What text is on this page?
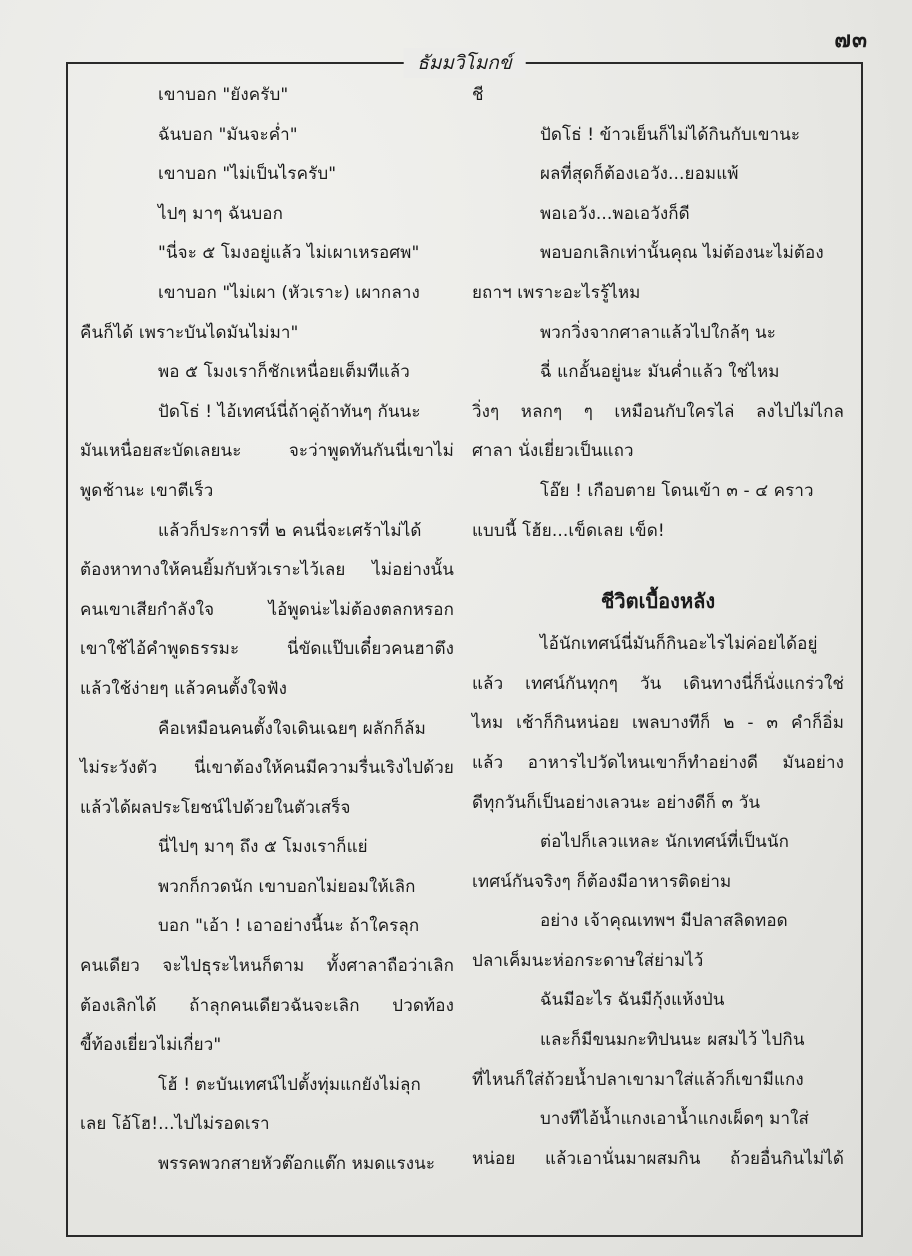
๗๓
ธัมมวิโมกข์
เขาบอก "ยังครับ"
ฉันบอก "มันจะค่ำ"
เขาบอก "ไม่เป็นไรครับ"
ไปๆ มาๆ ฉันบอก
"นี่จะ ๕ โมงอยู่แล้ว ไม่เผาเหรอศพ"
เขาบอก "ไม่เผา (หัวเราะ) เผากลาง
คืนก็ได้ เพราะบันไดมันไม่มา"
พอ ๕ โมงเราก็ชักเหนื่อยเต็มทีแล้ว
ปัดโธ่ ! ไอ้เทศน์นี่ถ้าคู่ถ้าทันๆ กันนะ
มันเหนื่อยสะบัดเลยนะ จะว่าพูดทันกันนี่เขาไม่
พูดช้านะ เขาตีเร็ว
แล้วก็ประการที่ ๒ คนนี่จะเศร้าไม่ได้
ต้องหาทางให้คนยิ้มกับหัวเราะไว้เลย ไม่อย่างนั้น
คนเขาเสียกำลังใจ ไอ้พูดน่ะไม่ต้องตลกหรอก
เขาใช้ไอ้คำพูดธรรมะ นี่ขัดแป๊บเดี๋ยวคนฮาตึง
แล้วใช้ง่ายๆ แล้วคนตั้งใจฟัง
คือเหมือนคนตั้งใจเดินเฉยๆ ผลักก็ล้ม
ไม่ระวังตัว นี่เขาต้องให้คนมีความรื่นเริงไปด้วย
แล้วได้ผลประโยชน์ไปด้วยในตัวเสร็จ
นี่ไปๆ มาๆ ถึง ๕ โมงเราก็แย่
พวกก็กวดนัก เขาบอกไม่ยอมให้เลิก
บอก "เอ้า ! เอาอย่างนี้นะ ถ้าใครลุก
คนเดียว จะไปธุระไหนก็ตาม ทั้งศาลาถือว่าเลิก
ต้องเลิกได้ ถ้าลุกคนเดียวฉันจะเลิก ปวดท้อง
ขี้ท้องเยี่ยวไม่เกี่ยว"
โฮ้ ! ตะบันเทศน์ไปตั้งทุ่มแกยังไม่ลุก
เลย โอ้โฮ!...ไปไม่รอดเรา
พรรคพวกสายหัวต๊อกแต๊ก หมดแรงนะ
ชี
ปัดโธ่ ! ข้าวเย็นก็ไม่ได้กินกับเขานะ
ผลที่สุดก็ต้องเอวัง...ยอมแพ้
พอเอวัง...พอเอวังก็ดี
พอบอกเลิกเท่านั้นคุณ ไม่ต้องนะไม่ต้อง
ยถาฯ เพราะอะไรรู้ไหม
พวกวิ่งจากศาลาแล้วไปใกล้ๆ นะ
ฉี่ แกอั้นอยู่นะ มันค่ำแล้ว ใช่ไหม
วิ่งๆ หลกๆ ๆ เหมือนกับใครไล่ ลงไปไม่ไกล
ศาลา นั่งเยี่ยวเป็นแถว
โอ๊ย ! เกือบตาย โดนเข้า ๓ - ๔ คราว
แบบนี้ โฮ้ย...เข็ดเลย เข็ด!
ชีวิตเบื้องหลัง
ไอ้นักเทศน์นี่มันก็กินอะไรไม่ค่อยได้อยู่
แล้ว เทศน์กันทุกๆ วัน เดินทางนี่ก็นั่งแกร่วใช่
ไหม เช้าก็กินหน่อย เพลบางทีก็ ๒ - ๓ คำก็อิ่ม
แล้ว อาหารไปวัดไหนเขาก็ทำอย่างดี มันอย่าง
ดีทุกวันก็เป็นอย่างเลวนะ อย่างดีก็ ๓ วัน
ต่อไปก็เลวแหละ นักเทศน์ที่เป็นนัก
เทศน์กันจริงๆ ก็ต้องมีอาหารติดย่าม
อย่าง เจ้าคุณเทพฯ มีปลาสลิดทอด
ปลาเค็มนะห่อกระดาษใส่ย่ามไว้
ฉันมีอะไร ฉันมีกุ้งแห้งป่น
และก็มีขนมกะทิปนนะ ผสมไว้ ไปกิน
ที่ไหนก็ใส่ถ้วยน้ำปลาเขามาใส่แล้วก็เขามีแกง
บางทีไอ้น้ำแกงเอาน้ำแกงเผ็ดๆ มาใส่
หน่อย แล้วเอานั่นมาผสมกิน ถ้วยอื่นกินไม่ได้
